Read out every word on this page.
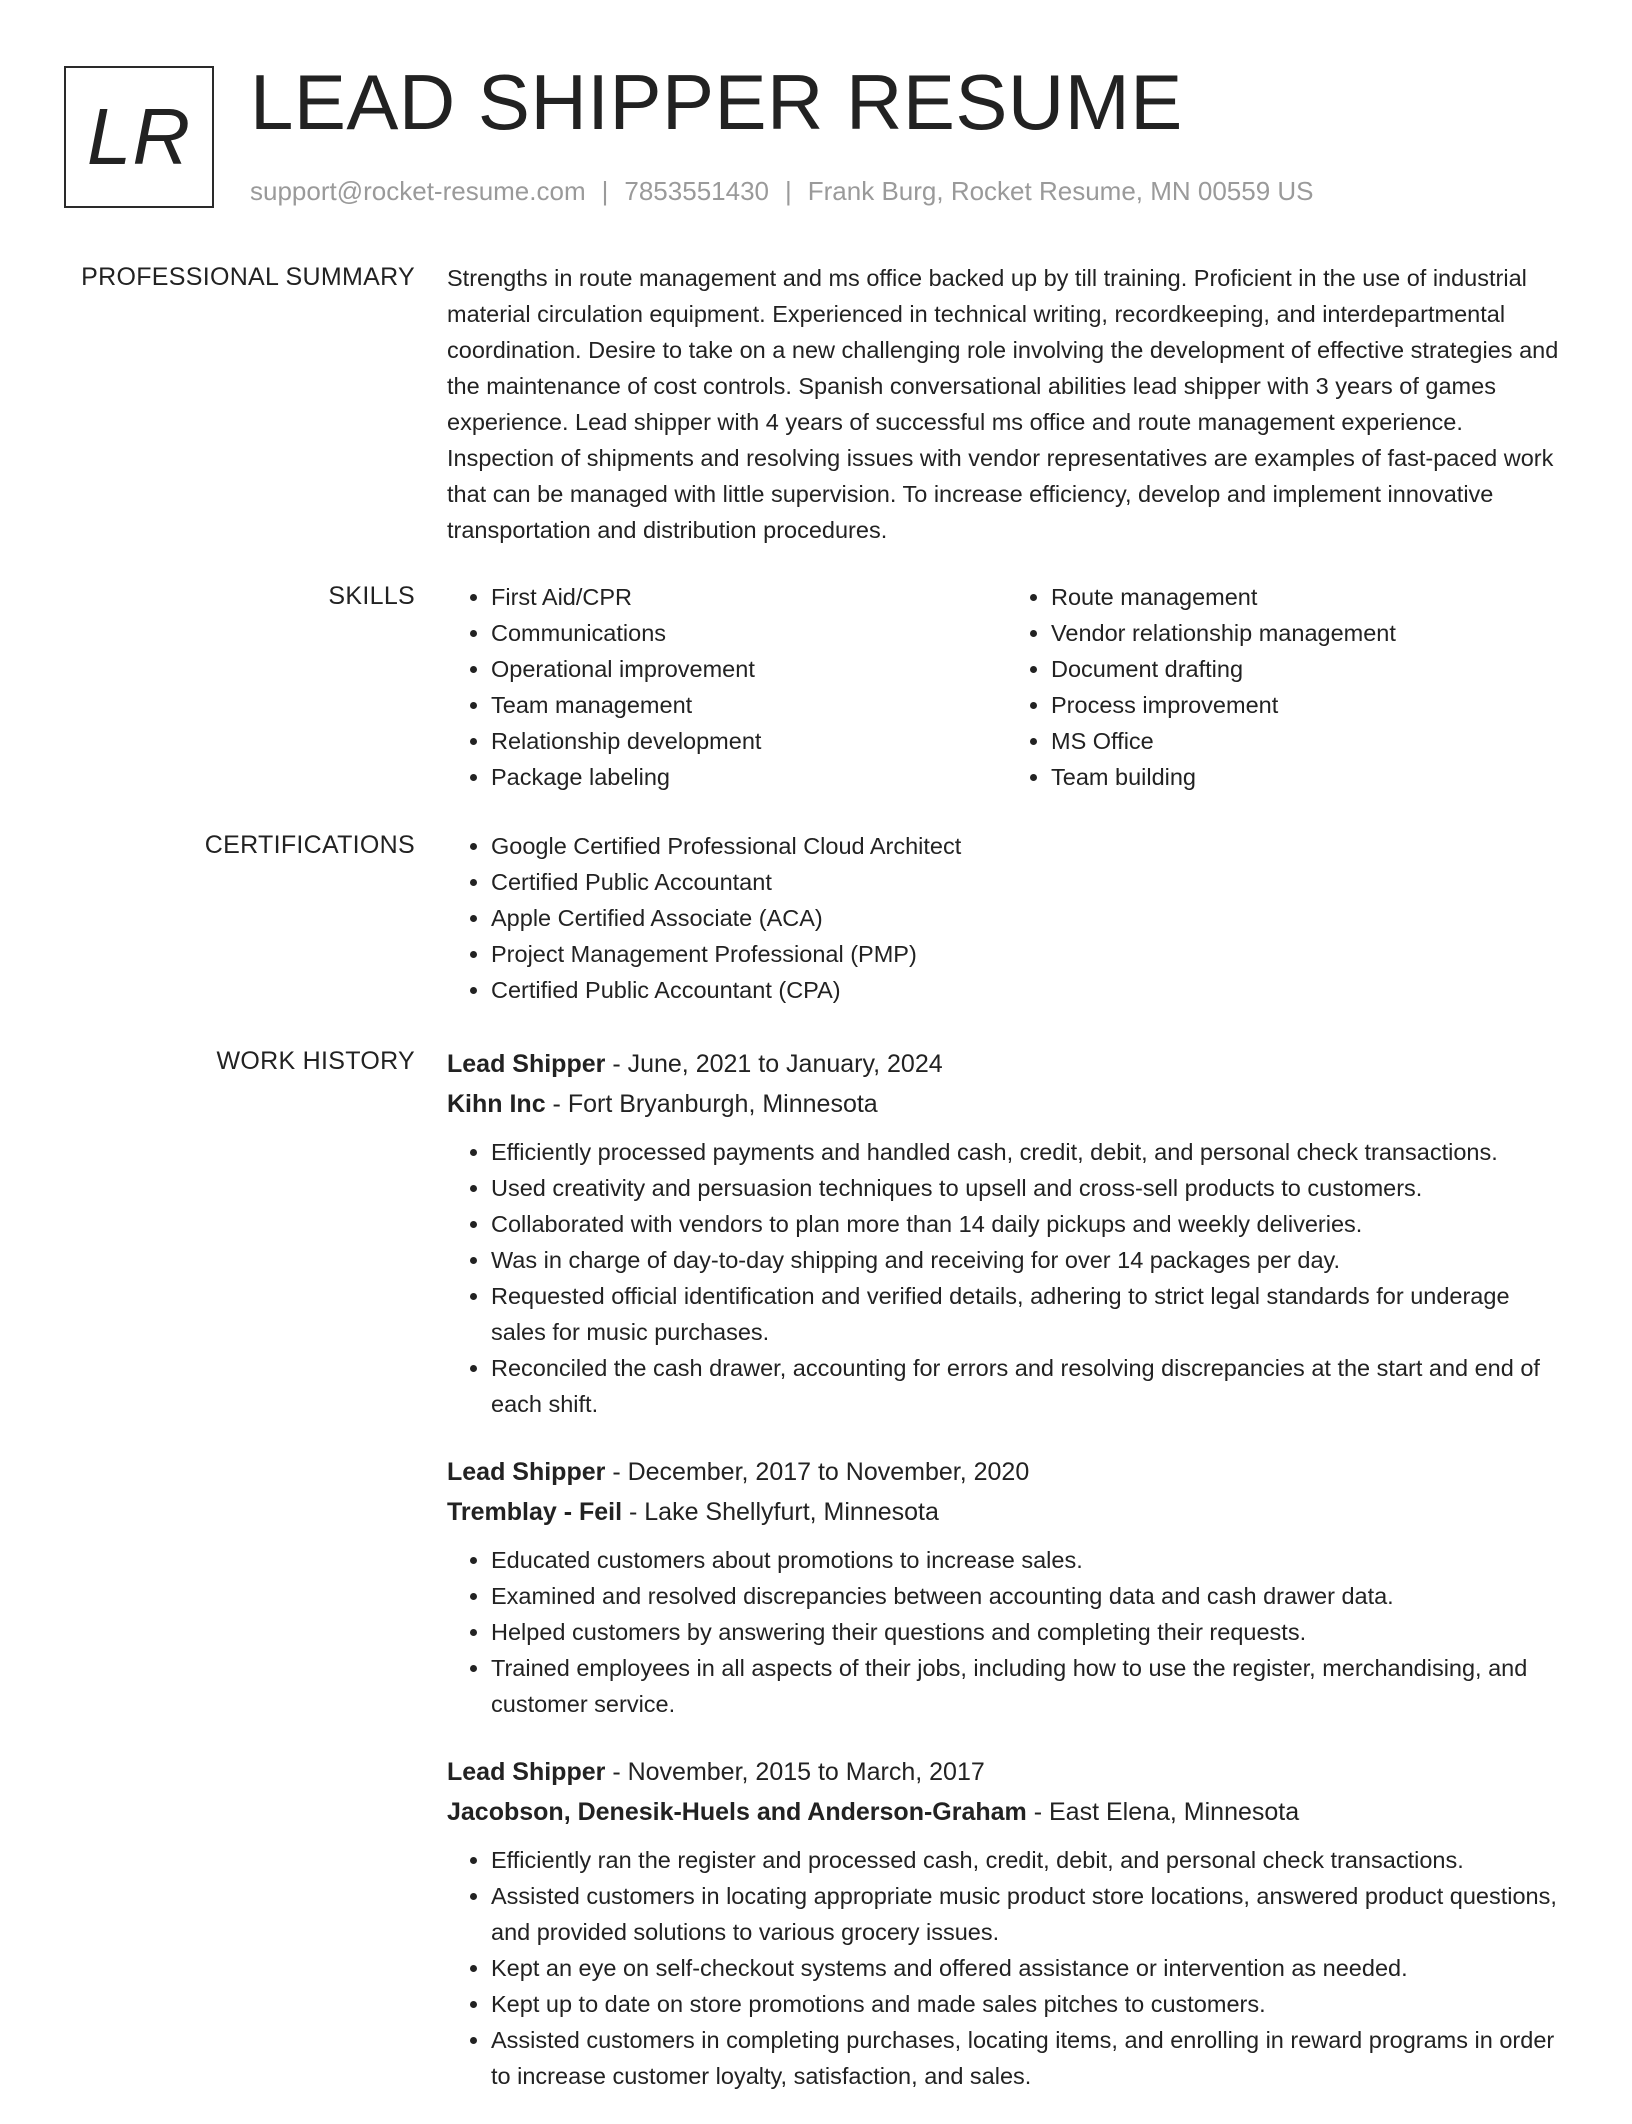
LR LEAD SHIPPER RESUME
support@rocket-resume.com | 7853551430 | Frank Burg, Rocket Resume, MN 00559 US
PROFESSIONAL SUMMARY Strengths in route management and ms office backed up by till training. Proficient in the use of industrial material circulation equipment. Experienced in technical writing, recordkeeping, and interdepartmental coordination. Desire to take on a new challenging role involving the development of effective strategies and the maintenance of cost controls. Spanish conversational abilities lead shipper with 3 years of games experience. Lead shipper with 4 years of successful ms office and route management experience. Inspection of shipments and resolving issues with vendor representatives are examples of fast-paced work that can be managed with little supervision. To increase efficiency, develop and implement innovative transportation and distribution procedures.

SKILLS	• First Aid/CPR
• Communications
• Operational improvement
• Team management
• Relationship development
• Package labeling
• Route management
• Vendor relationship management
• Document drafting
• Process improvement
• MS Office
• Team building
CERTIFICATIONS	• Google Certified Professional Cloud Architect
• Certified Public Accountant
• Apple Certified Associate (ACA)
• Project Management Professional (PMP)
• Certified Public Accountant (CPA)
WORK HISTORY Lead Shipper - June, 2021 to January, 2024
Kihn Inc - Fort Bryanburgh, Minnesota
• Efficiently processed payments and handled cash, credit, debit, and personal check transactions.
• Used creativity and persuasion techniques to upsell and cross-sell products to customers.
• Collaborated with vendors to plan more than 14 daily pickups and weekly deliveries.
• Was in charge of day-to-day shipping and receiving for over 14 packages per day.
• Requested official identification and verified details, adhering to strict legal standards for underage sales for music purchases.
• Reconciled the cash drawer, accounting for errors and resolving discrepancies at the start and end of each shift.
Lead Shipper - December, 2017 to November, 2020
Tremblay - Feil - Lake Shellyfurt, Minnesota
• Educated customers about promotions to increase sales.
• Examined and resolved discrepancies between accounting data and cash drawer data.
• Helped customers by answering their questions and completing their requests.
• Trained employees in all aspects of their jobs, including how to use the register, merchandising, and customer service.
Lead Shipper - November, 2015 to March, 2017
Jacobson, Denesik-Huels and Anderson-Graham - East Elena, Minnesota
• Efficiently ran the register and processed cash, credit, debit, and personal check transactions.
• Assisted customers in locating appropriate music product store locations, answered product questions, and provided solutions to various grocery issues.
• Kept an eye on self-checkout systems and offered assistance or intervention as needed.
• Kept up to date on store promotions and made sales pitches to customers.
• Assisted customers in completing purchases, locating items, and enrolling in reward programs in order to increase customer loyalty, satisfaction, and sales.
